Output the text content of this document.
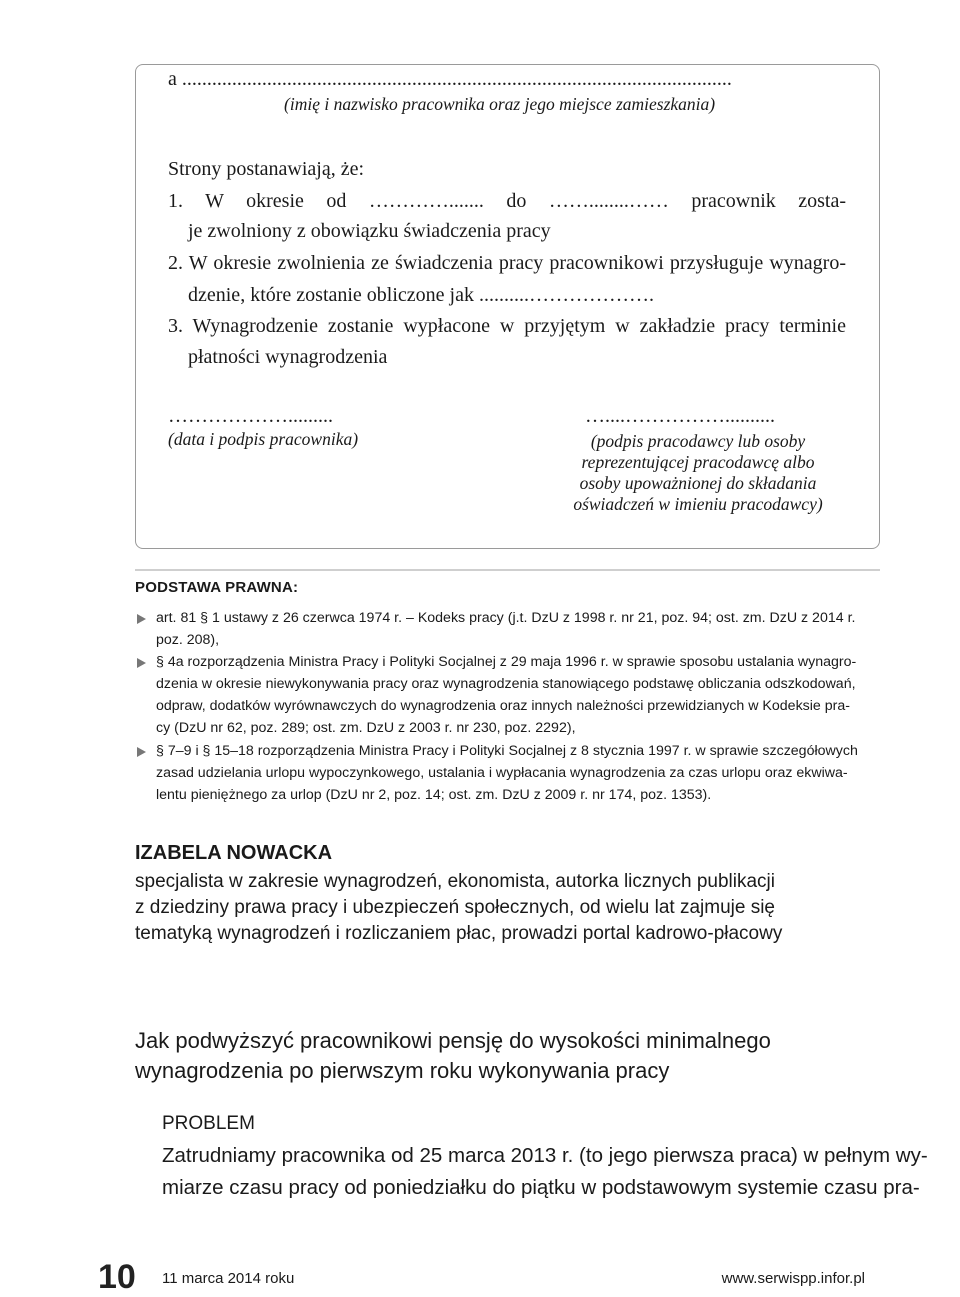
a ..............................................................................................................
(imię i nazwisko pracownika oraz jego miejsce zamieszkania)
Strony postanawiają, że:
1. W okresie od …………....... do ……........…… pracownik zosta-
je zwolniony z obowiązku świadczenia pracy
2. W okresie zwolnienia ze świadczenia pracy pracownikowi przysługuje wynagro-
dzenie, które zostanie obliczone jak ..........……………….
3. Wynagrodzenie zostanie wypłacone w przyjętym w zakładzie pracy terminie
płatności wynagrodzenia
……………….........
(data i podpis pracownika)
…....……………..........
(podpis pracodawcy lub osoby reprezentującej pracodawcę albo osoby upoważnionej do składania oświadczeń w imieniu pracodawcy)
PODSTAWA PRAWNA:
art. 81 § 1 ustawy z 26 czerwca 1974 r. – Kodeks pracy (j.t. DzU z 1998 r. nr 21, poz. 94; ost. zm. DzU z 2014 r.
poz. 208),
§ 4a rozporządzenia Ministra Pracy i Polityki Socjalnej z 29 maja 1996 r. w sprawie sposobu ustalania wynagro-
dzenia w okresie niewykonywania pracy oraz wynagrodzenia stanowiącego podstawę obliczania odszkodowań,
odpraw, dodatków wyrównawczych do wynagrodzenia oraz innych należności przewidzianych w Kodeksie pra-
cy (DzU nr 62, poz. 289; ost. zm. DzU z 2003 r. nr 230, poz. 2292),
§ 7–9 i § 15–18 rozporządzenia Ministra Pracy i Polityki Socjalnej z 8 stycznia 1997 r. w sprawie szczegółowych
zasad udzielania urlopu wypoczynkowego, ustalania i wypłacania wynagrodzenia za czas urlopu oraz ekwiwa-
lentu pieniężnego za urlop (DzU nr 2, poz. 14; ost. zm. DzU z 2009 r. nr 174, poz. 1353).
IZABELA NOWACKA
specjalista w zakresie wynagrodzeń, ekonomista, autorka licznych publikacji
z dziedziny prawa pracy i ubezpieczeń społecznych, od wielu lat zajmuje się
tematyką wynagrodzeń i rozliczaniem płac, prowadzi portal kadrowo-płacowy
Jak podwyższyć pracownikowi pensję do wysokości minimalnego
wynagrodzenia po pierwszym roku wykonywania pracy
PROBLEM
Zatrudniamy pracownika od 25 marca 2013 r. (to jego pierwsza praca) w pełnym wy-
miarze czasu pracy od poniedziałku do piątku w podstawowym systemie czasu pra-
10 11 marca 2014 roku	www.serwispp.infor.pl
